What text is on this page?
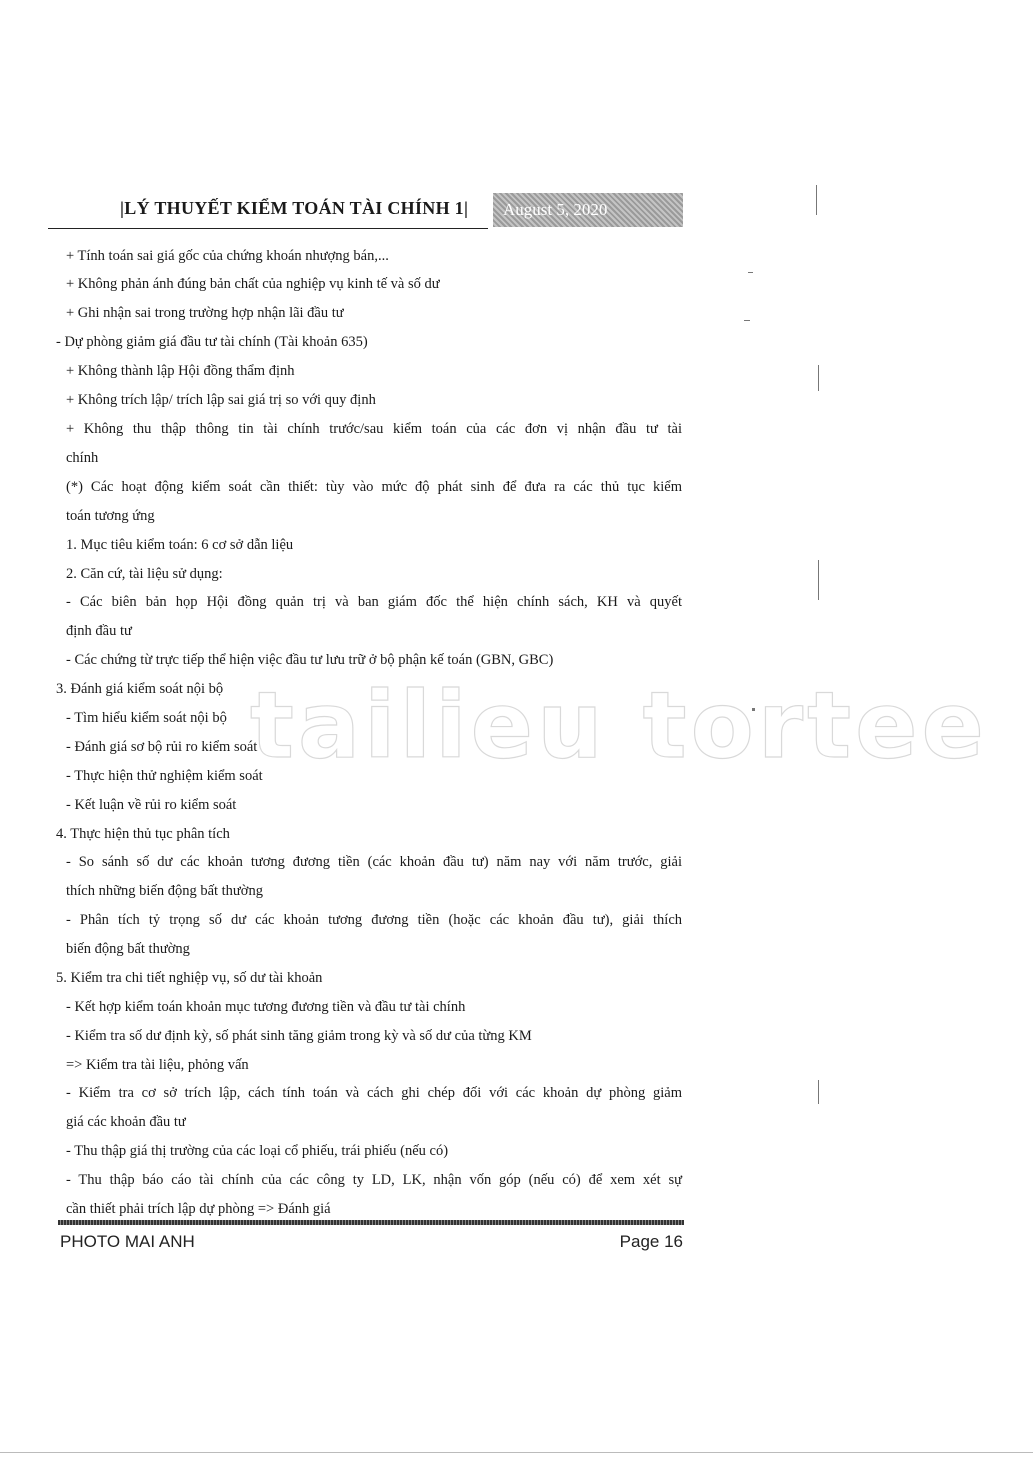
|LÝ THUYẾT KIỂM TOÁN TÀI CHÍNH 1|	August 5, 2020
tailieu tortee
+ Tính toán sai giá gốc của chứng khoán nhượng bán,...
+ Không phản ánh đúng bản chất của nghiệp vụ kinh tế và số dư
+ Ghi nhận sai trong trường hợp nhận lãi đầu tư
- Dự phòng giảm giá đầu tư tài chính (Tài khoản 635)
+ Không thành lập Hội đồng thẩm định
+ Không trích lập/ trích lập sai giá trị so với quy định
+ Không thu thập thông tin tài chính trước/sau kiểm toán của các đơn vị nhận đầu tư tài
chính
(*) Các hoạt động kiểm soát cần thiết: tùy vào mức độ phát sinh để đưa ra các thủ tục kiểm
toán tương ứng
1. Mục tiêu kiểm toán: 6 cơ sở dẫn liệu
2. Căn cứ, tài liệu sử dụng:
- Các biên bản họp Hội đồng quản trị và ban giám đốc thể hiện chính sách, KH và quyết
định đầu tư
- Các chứng từ trực tiếp thể hiện việc đầu tư lưu trữ ở bộ phận kế toán (GBN, GBC)
3. Đánh giá kiểm soát nội bộ
- Tìm hiểu kiểm soát nội bộ
- Đánh giá sơ bộ rủi ro kiểm soát
- Thực hiện thử nghiệm kiểm soát
- Kết luận về rủi ro kiểm soát
4. Thực hiện thủ tục phân tích
- So sánh số dư các khoản tương đương tiền (các khoản đầu tư) năm nay với năm trước, giải
thích những biến động bất thường
- Phân tích tỷ trọng số dư các khoản tương đương tiền (hoặc các khoản đầu tư), giải thích
biến động bất thường
5. Kiểm tra chi tiết nghiệp vụ, số dư tài khoản
- Kết hợp kiểm toán khoản mục tương đương tiền và đầu tư tài chính
- Kiểm tra số dư định kỳ, số phát sinh tăng giảm trong kỳ và số dư của từng KM
=> Kiểm tra tài liệu, phỏng vấn
- Kiểm tra cơ sở trích lập, cách tính toán và cách ghi chép đối với các khoản dự phòng giảm
giá các khoản đầu tư
- Thu thập giá thị trường của các loại cổ phiếu, trái phiếu (nếu có)
- Thu thập báo cáo tài chính của các công ty LD, LK, nhận vốn góp (nếu có) để xem xét sự
cần thiết phải trích lập dự phòng => Đánh giá
PHOTO MAI ANH	Page 16
